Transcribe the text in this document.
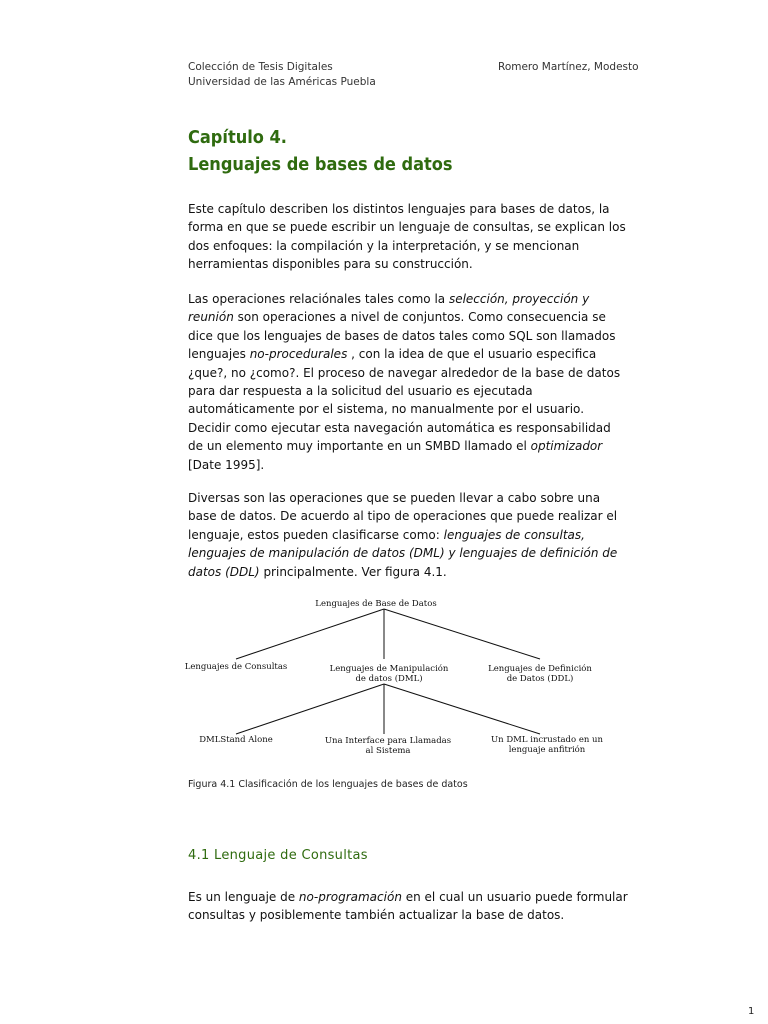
Colección de Tesis Digitales
Universidad de las Américas Puebla
Romero Martínez, Modesto
Capítulo 4.
Lenguajes de bases de datos

Este capítulo describen los distintos lenguajes para bases de datos, la forma en que se puede escribir un lenguaje de consultas, se explican los dos enfoques: la compilación y la interpretación, y se mencionan herramientas disponibles para su construcción.

Las operaciones relaciónales tales como la selección, proyección y reunión son operaciones a nivel de conjuntos. Como consecuencia se dice que los lenguajes de bases de datos tales como SQL son llamados lenguajes no-procedurales , con la idea de que el usuario especifica ¿que?, no ¿como?. El proceso de navegar alrededor de la base de datos para dar respuesta a la solicitud del usuario es ejecutada automáticamente por el sistema, no manualmente por el usuario. Decidir como ejecutar esta navegación automática es responsabilidad de un elemento muy importante en un SMBD llamado el optimizador [Date 1995].

Diversas son las operaciones que se pueden llevar a cabo sobre una base de datos. De acuerdo al tipo de operaciones que puede realizar el lenguaje, estos pueden clasificarse como: lenguajes de consultas, lenguajes de manipulación de datos (DML) y lenguajes de definición de datos (DDL) principalmente. Ver figura 4.1.

Lenguajes de Base de Datos
Lenguajes de Consultas	Lenguajes de Manipulación
de datos (DML)
Lenguajes de Definición
de Datos (DDL)
DMLStand Alone	Una Interface para Llamadas
al Sistema
Un DML incrustado en un
lenguaje anfitrión
Figura 4.1 Clasificación de los lenguajes de bases de datos
4.1 Lenguaje de Consultas

Es un lenguaje de no-programación en el cual un usuario puede formular consultas y posiblemente también actualizar la base de datos.

1
